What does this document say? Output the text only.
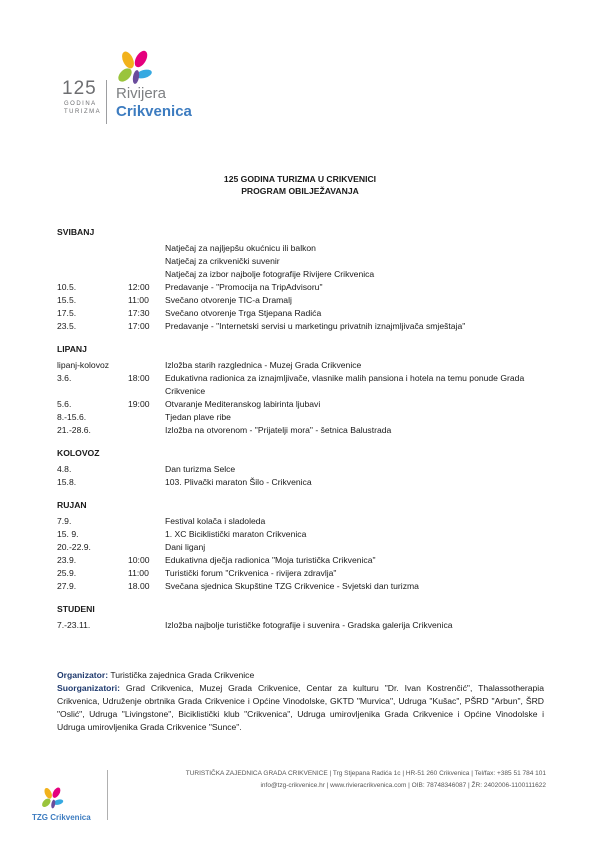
125
GODINA
TURIZMA
Rivijera
Crikvenica
125 GODINA TURIZMA U CRIKVENICI
PROGRAM OBILJEŽAVANJA
SVIBANJ
Natječaj za najljepšu okućnicu ili balkon
Natječaj za crikvenički suvenir
Natječaj za izbor najbolje fotografije Rivijere Crikvenica
10.5.	12:00	Predavanje - "Promocija na TripAdvisoru"
15.5.	11:00	Svečano otvorenje TIC-a Dramalj
17.5.	17:30	Svečano otvorenje Trga Stjepana Radića
23.5.	17:00	Predavanje - "Internetski servisi u marketingu privatnih iznajmljivača smještaja"
LIPANJ
lipanj-kolovoz	Izložba starih razglednica - Muzej Grada Crikvenice
3.6.	18:00	Edukativna radionica za iznajmljivače, vlasnike malih pansiona i hotela na temu ponude Grada Crikvenice
5.6.	19:00	Otvaranje Mediteranskog labirinta ljubavi
8.-15.6.	Tjedan plave ribe
21.-28.6.	Izložba na otvorenom - "Prijatelji mora" - šetnica Balustrada
KOLOVOZ
4.8.	Dan turizma Selce
15.8.	103. Plivački maraton Šilo - Crikvenica
RUJAN
7.9.	Festival kolača i sladoleda
15. 9.	1. XC Biciklistički maraton Crikvenica
20.-22.9.	Dani liganj
23.9.	10:00	Edukativna dječja radionica "Moja turistička Crikvenica"
25.9.	11:00	Turistički forum "Crikvenica - rivijera zdravlja"
27.9.	18.00	Svečana sjednica Skupštine TZG Crikvenice - Svjetski dan turizma
STUDENI
7.-23.11.	Izložba najbolje turističke fotografije i suvenira - Gradska galerija Crikvenica
Organizator: Turistička zajednica Grada Crikvenice
Suorganizatori: Grad Crikvenica, Muzej Grada Crikvenice, Centar za kulturu "Dr. Ivan Kostrenčić", Thalassotherapia Crikvenica, Udruženje obrtnika Grada Crikvenice i Općine Vinodolske, GKTD "Murvica", Udruga "Kušac", PŠRD "Arbun", ŠRD "Oslić", Udruga "Livingstone", Biciklistički klub "Crikvenica", Udruga umirovljenika Grada Crikvenice i Općine Vinodolske i Udruga umirovljenika Grada Crikvenice "Sunce".
TZG Crikvenica
TURISTIČKA ZAJEDNICA GRADA CRIKVENICE | Trg Stjepana Radića 1c | HR-51 260 Crikvenica | Tel/fax: +385 51 784 101
info@tzg-crikvenice.hr | www.rivieracrikvenica.com | OIB: 78748346087 | ŽR: 2402006-1100111622
